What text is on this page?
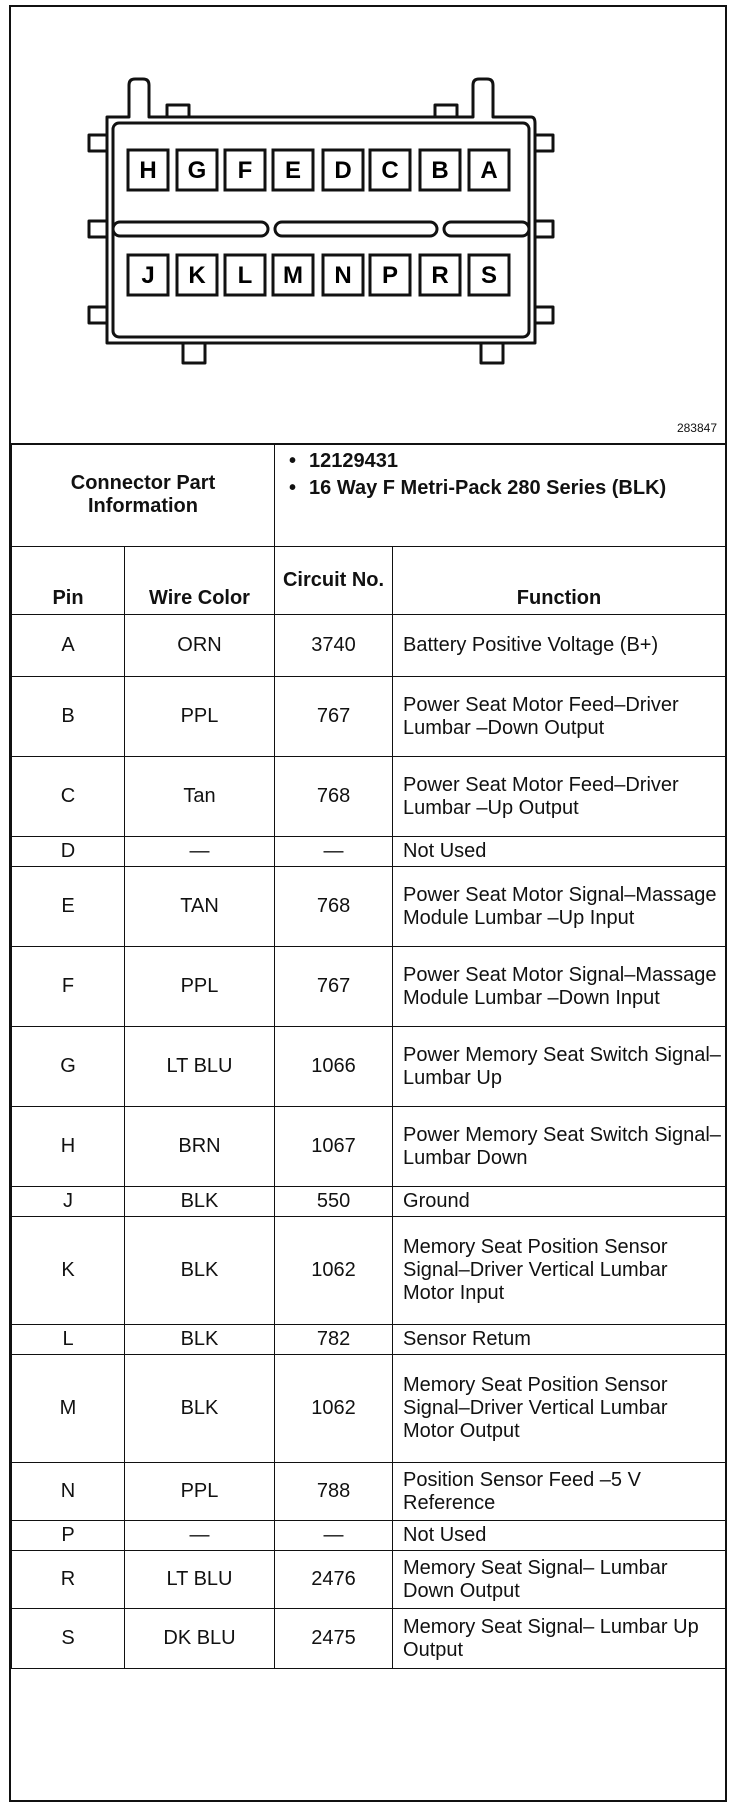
H G F E D C B A
J K L M N P R S
283847
Connector Part Information		• 12129431
• 16 Way F Metri-Pack 280 Series (BLK)

Pin	Wire Color	Circuit No.	Function
A	ORN	3740	Battery Positive Voltage (B+)
B	PPL	767	Power Seat Motor Feed–Driver Lumbar –Down Output
C	Tan	768	Power Seat Motor Feed–Driver Lumbar –Up Output
D	—	—	Not Used
E	TAN	768	Power Seat Motor Signal–Massage Module Lumbar –Up Input
F	PPL	767	Power Seat Motor Signal–Massage Module Lumbar –Down Input
G	LT BLU	1066	Power Memory Seat Switch Signal– Lumbar Up
H	BRN	1067	Power Memory Seat Switch Signal– Lumbar Down
J	BLK	550	Ground
K	BLK	1062	Memory Seat Position Sensor Signal–Driver Vertical Lumbar Motor Input
L	BLK	782	Sensor Retum
M	BLK	1062	Memory Seat Position Sensor Signal–Driver Vertical Lumbar Motor Output
N	PPL	788	Position Sensor Feed –5 V Reference
P	—	—	Not Used
R	LT BLU	2476	Memory Seat Signal– Lumbar Down Output
S	DK BLU	2475	Memory Seat Signal– Lumbar Up Output
